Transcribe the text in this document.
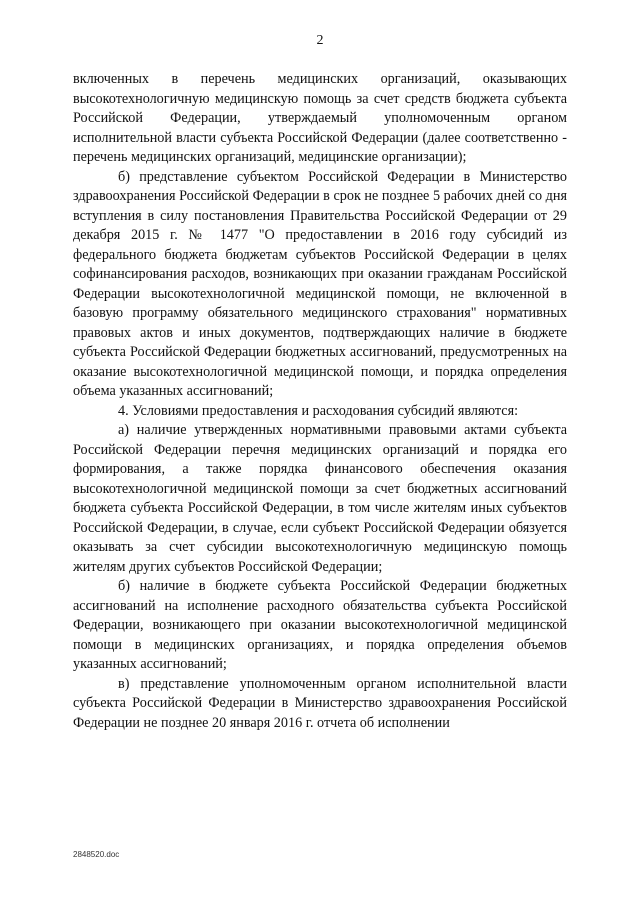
2

включенных в перечень медицинских организаций, оказывающих высокотехнологичную медицинскую помощь за счет средств бюджета субъекта Российской Федерации, утверждаемый уполномоченным органом исполнительной власти субъекта Российской Федерации (далее соответственно - перечень медицинских организаций, медицинские организации);

б) представление субъектом Российской Федерации в Министерство здравоохранения Российской Федерации в срок не позднее 5 рабочих дней со дня вступления в силу постановления Правительства Российской Федерации от 29 декабря 2015 г. № 1477 "О предоставлении в 2016 году субсидий из федерального бюджета бюджетам субъектов Российской Федерации в целях софинансирования расходов, возникающих при оказании гражданам Российской Федерации высокотехнологичной медицинской помощи, не включенной в базовую программу обязательного медицинского страхования" нормативных правовых актов и иных документов, подтверждающих наличие в бюджете субъекта Российской Федерации бюджетных ассигнований, предусмотренных на оказание высокотехнологичной медицинской помощи, и порядка определения объема указанных ассигнований;

4. Условиями предоставления и расходования субсидий являются:

а) наличие утвержденных нормативными правовыми актами субъекта Российской Федерации перечня медицинских организаций и порядка его формирования, а также порядка финансового обеспечения оказания высокотехнологичной медицинской помощи за счет бюджетных ассигнований бюджета субъекта Российской Федерации, в том числе жителям иных субъектов Российской Федерации, в случае, если субъект Российской Федерации обязуется оказывать за счет субсидии высокотехнологичную медицинскую помощь жителям других субъектов Российской Федерации;

б) наличие в бюджете субъекта Российской Федерации бюджетных ассигнований на исполнение расходного обязательства субъекта Российской Федерации, возникающего при оказании высокотехнологичной медицинской помощи в медицинских организациях, и порядка определения объемов указанных ассигнований;

в) представление уполномоченным органом исполнительной власти субъекта Российской Федерации в Министерство здравоохранения Российской Федерации не позднее 20 января 2016 г. отчета об исполнении

2848520.doc
